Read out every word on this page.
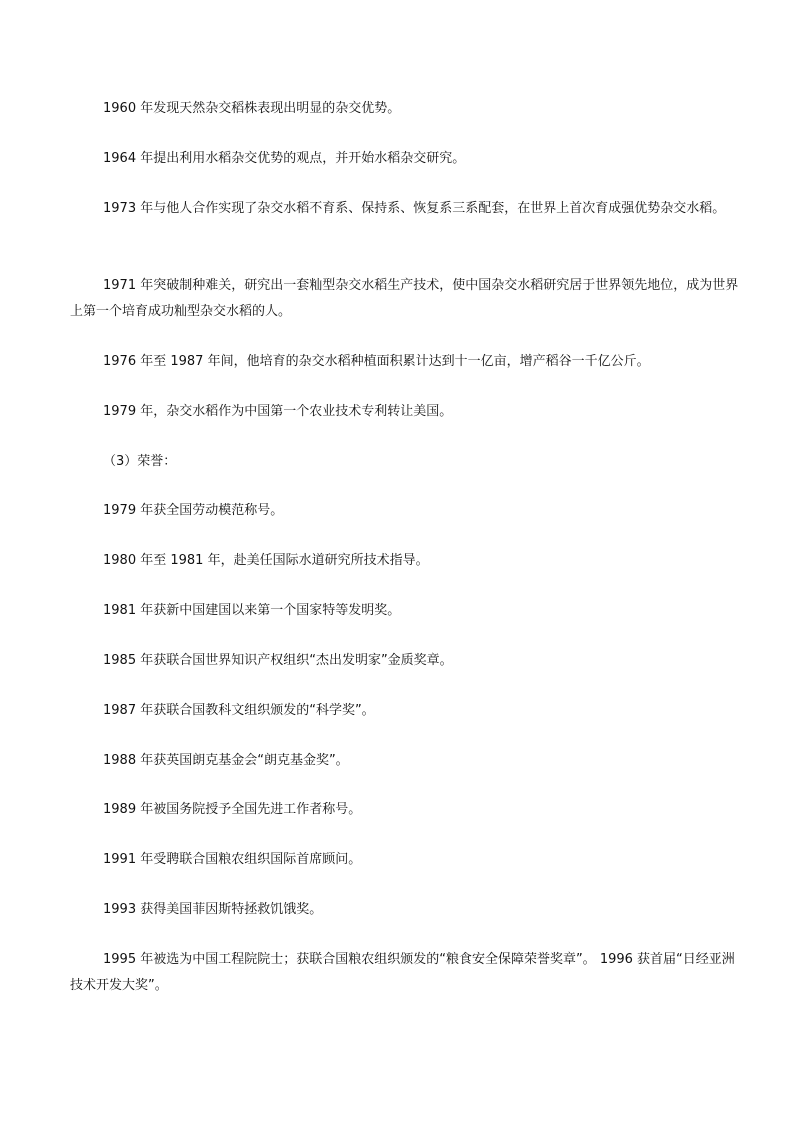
1960 年发现天然杂交稻株表现出明显的杂交优势。

1964 年提出利用水稻杂交优势的观点，并开始水稻杂交研究。

1973 年与他人合作实现了杂交水稻不育系、保持系、恢复系三系配套，在世界上首次育成强优势杂交水稻。

1971 年突破制种难关，研究出一套籼型杂交水稻生产技术，使中国杂交水稻研究居于世界领先地位，成为世界上第一个培育成功籼型杂交水稻的人。

1976 年至 1987 年间，他培育的杂交水稻种植面积累计达到十一亿亩，增产稻谷一千亿公斤。

1979 年，杂交水稻作为中国第一个农业技术专利转让美国。

（3）荣誉：

1979 年获全国劳动模范称号。

1980 年至 1981 年，赴美任国际水道研究所技术指导。

1981 年获新中国建国以来第一个国家特等发明奖。

1985 年获联合国世界知识产权组织“杰出发明家”金质奖章。

1987 年获联合国教科文组织颁发的“科学奖”。

1988 年获英国朗克基金会“朗克基金奖”。

1989 年被国务院授予全国先进工作者称号。

1991 年受聘联合国粮农组织国际首席顾问。

1993 获得美国菲因斯特拯救饥饿奖。

1995 年被选为中国工程院院士；获联合国粮农组织颁发的“粮食安全保障荣誉奖章”。 1996 获首届“日经亚洲技术开发大奖”。
